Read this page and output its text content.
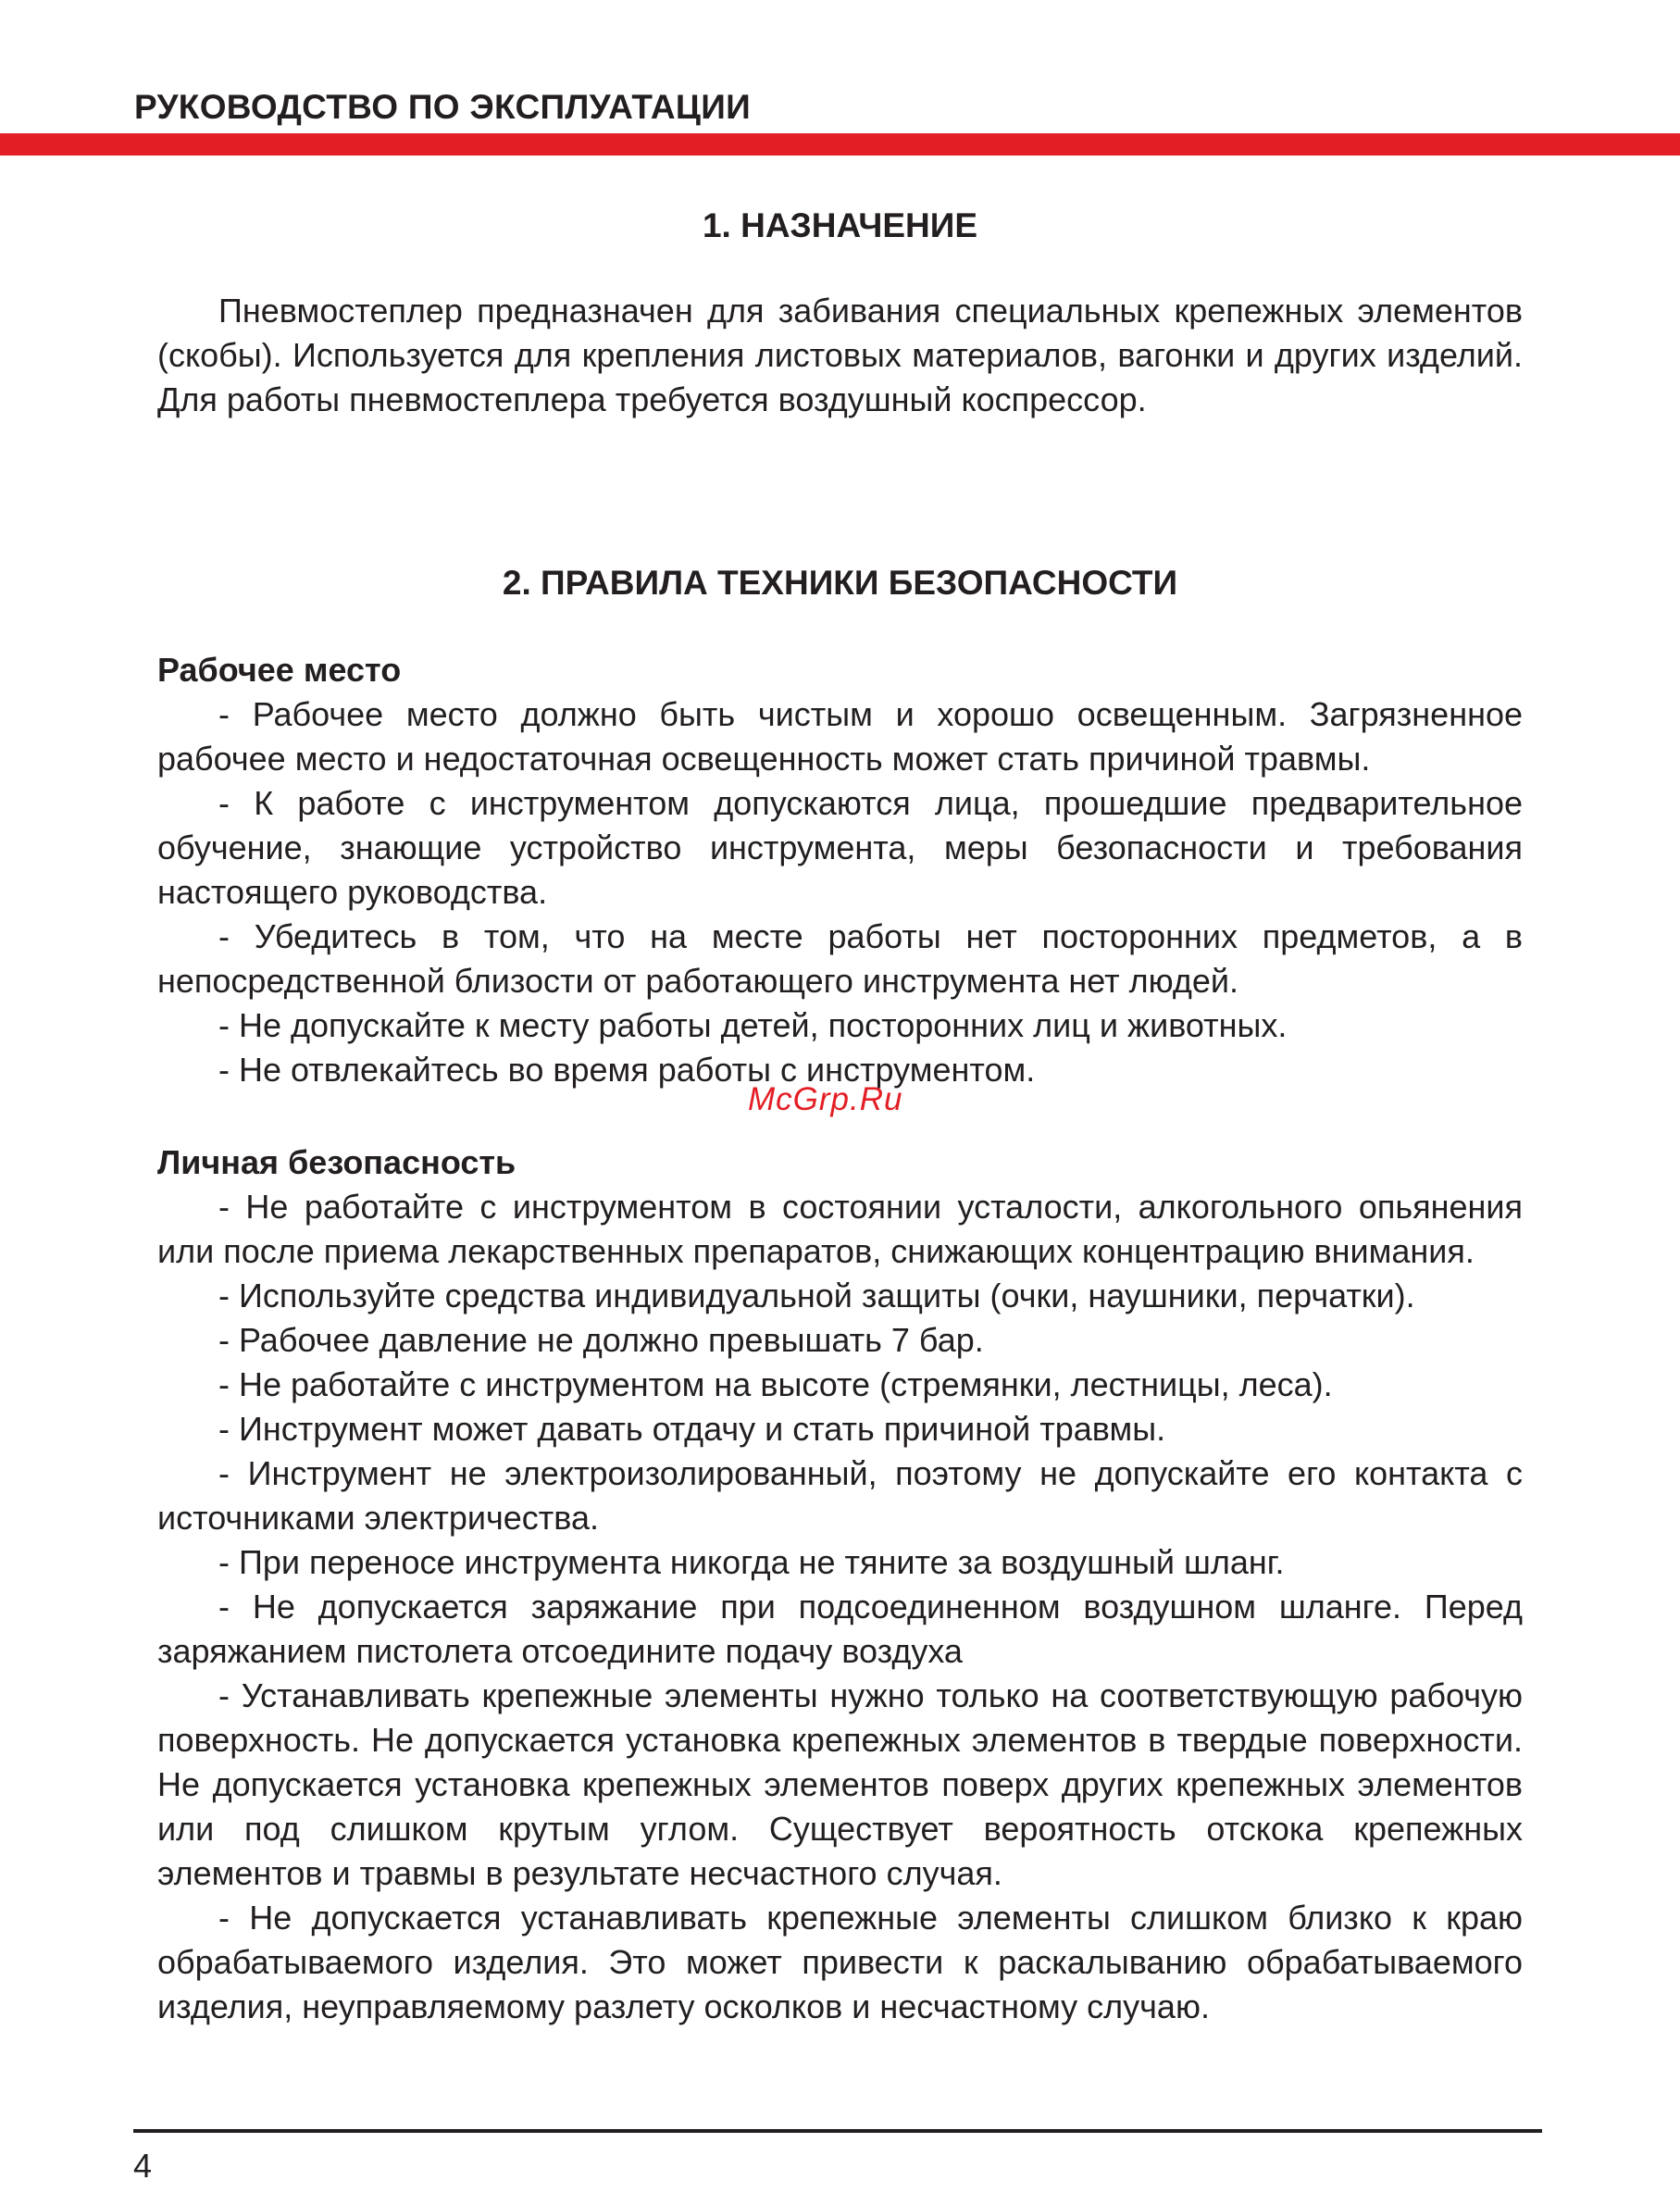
РУКОВОДСТВО ПО ЭКСПЛУАТАЦИИ
1. НАЗНАЧЕНИЕ

Пневмостеплер предназначен для забивания специальных крепежных элементов (скобы). Используется для крепления листовых материалов, вагонки и других изделий. Для работы пневмостеплера требуется воздушный коспрессор.

2. ПРАВИЛА ТЕХНИКИ БЕЗОПАСНОСТИ
Рабочее место

- Рабочее место должно быть чистым и хорошо освещенным. Загрязненное рабочее место и недостаточная освещенность может стать причиной травмы.

- К работе с инструментом допускаются лица, прошедшие предварительное обучение, знающие устройство инструмента, меры безопасности и требования настоящего руководства.

- Убедитесь в том, что на месте работы нет посторонних предметов, а в непосредственной близости от работающего инструмента нет людей.

- Не допускайте к месту работы детей, посторонних лиц и животных.

- Не отвлекайтесь во время работы с инструментом.

McGrp.Ru
Личная безопасность

- Не работайте с инструментом в состоянии усталости, алкогольного опьянения или после приема лекарственных препаратов, снижающих концентрацию внимания.

- Используйте средства индивидуальной защиты (очки, наушники, перчатки).

- Рабочее давление не должно превышать 7 бар.

- Не работайте с инструментом на высоте (стремянки, лестницы, леса).

- Инструмент может давать отдачу и стать причиной травмы.

- Инструмент не электроизолированный, поэтому не допускайте его контакта с источниками электричества.

- При переносе инструмента никогда не тяните за воздушный шланг.

- Не допускается заряжание при подсоединенном воздушном шланге. Перед заряжанием пистолета отсоедините подачу воздуха

- Устанавливать крепежные элементы нужно только на соответствующую рабочую поверхность. Не допускается установка крепежных элементов в твердые поверхности. Не допускается установка крепежных элементов поверх других крепежных элементов или под слишком крутым углом. Существует вероятность отскока крепежных элементов и травмы в результате несчастного случая.

- Не допускается устанавливать крепежные элементы слишком близко к краю обрабатываемого изделия. Это может привести к раскалыванию обрабатываемого изделия, неуправляемому разлету осколков и несчастному случаю.

4
